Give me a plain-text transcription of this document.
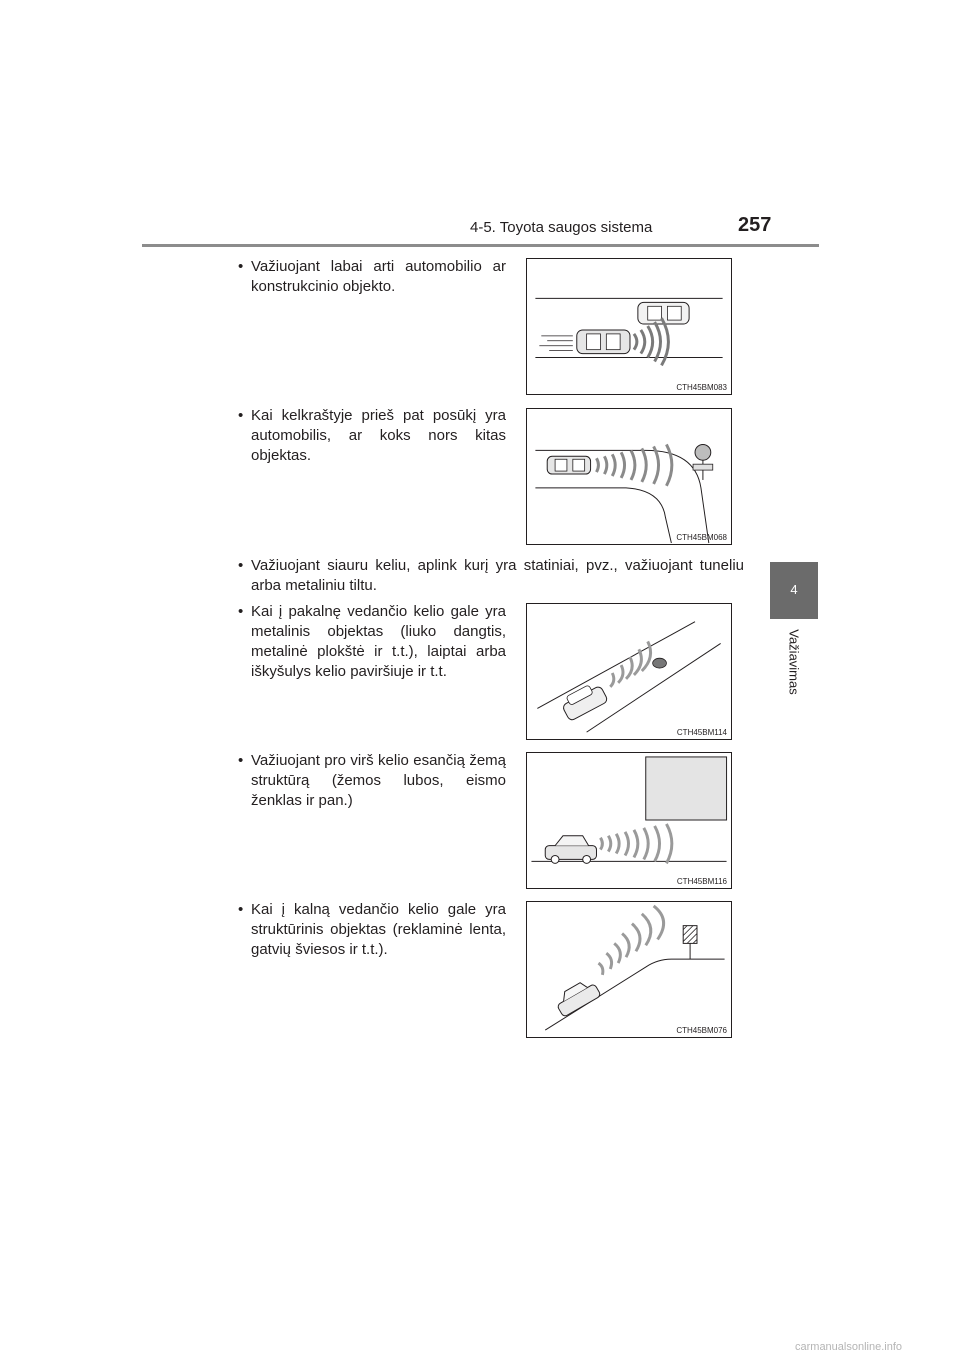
4-5. Toyota saugos sistema	257
4
Važiavimas
• Važiuojant labai arti automobilio ar konstrukcinio objekto.
CTH45BM083
• Kai kelkraštyje prieš pat posūkį yra automobilis, ar koks nors kitas objektas.
CTH45BM068
• Važiuojant siauru keliu, aplink kurį yra statiniai, pvz., važiuojant tuneliu arba metaliniu tiltu.
• Kai į pakalnę vedančio kelio gale yra metalinis objektas (liuko dangtis, metalinė plokštė ir t.t.), laiptai arba iškyšulys kelio paviršiuje ir t.t.
CTH45BM114
• Važiuojant pro virš kelio esančią žemą struktūrą (žemos lubos, eismo ženklas ir pan.)
CTH45BM116
• Kai į kalną vedančio kelio gale yra struktūrinis objektas (reklaminė lenta, gatvių šviesos ir t.t.).
CTH45BM076
carmanualsonline.info
